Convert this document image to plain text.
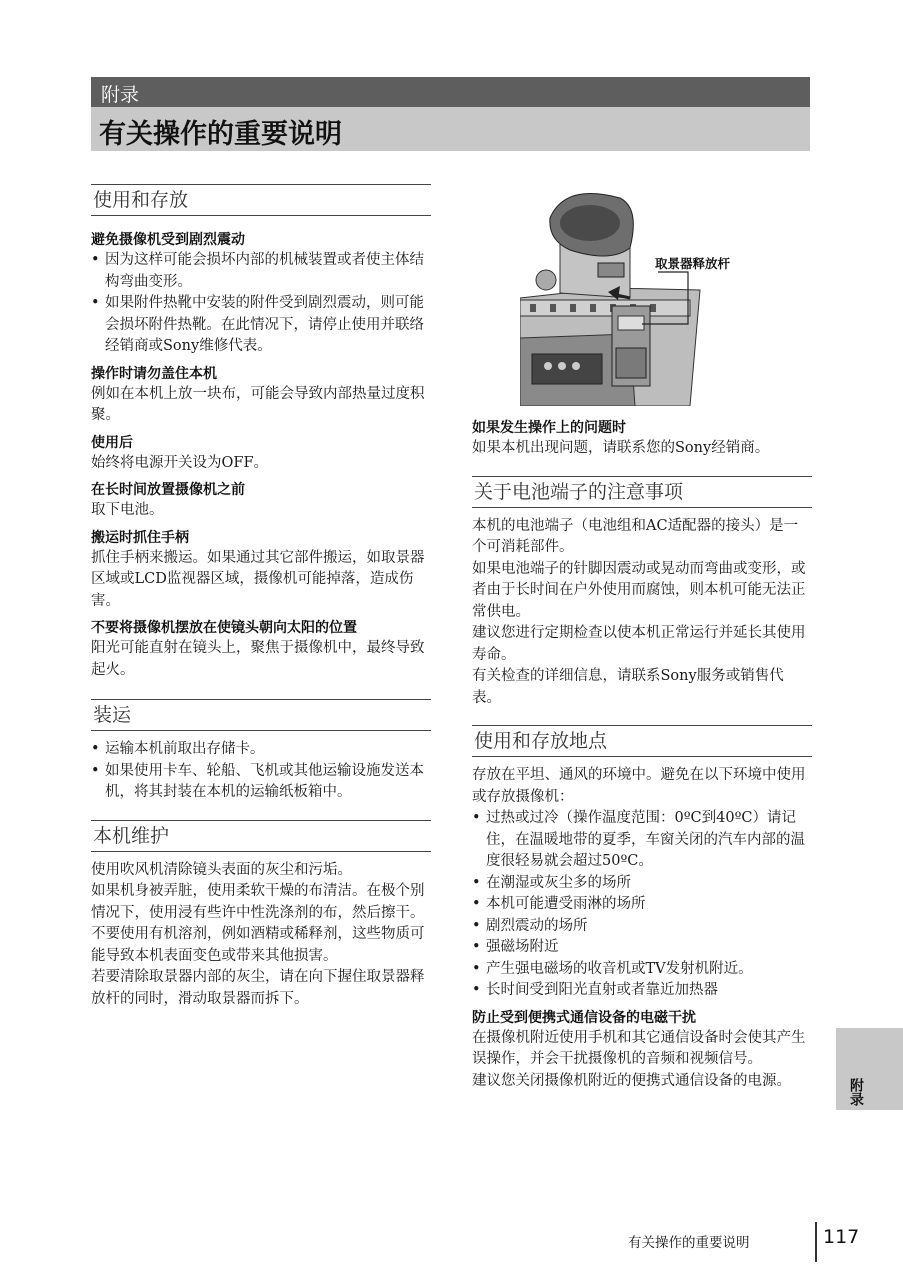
附录
有关操作的重要说明
使用和存放
避免摄像机受到剧烈震动
• 因为这样可能会损坏内部的机械装置或者使主体结构弯曲变形。
• 如果附件热靴中安装的附件受到剧烈震动，则可能会损坏附件热靴。在此情况下，请停止使用并联络经销商或Sony维修代表。
操作时请勿盖住本机
例如在本机上放一块布，可能会导致内部热量过度积聚。
使用后
始终将电源开关设为OFF。
在长时间放置摄像机之前
取下电池。
搬运时抓住手柄
抓住手柄来搬运。如果通过其它部件搬运，如取景器区域或LCD监视器区域，摄像机可能掉落，造成伤害。
不要将摄像机摆放在使镜头朝向太阳的位置
阳光可能直射在镜头上，聚焦于摄像机中，最终导致起火。
装运
• 运输本机前取出存储卡。
• 如果使用卡车、轮船、飞机或其他运输设施发送本机，将其封装在本机的运输纸板箱中。
本机维护
使用吹风机清除镜头表面的灰尘和污垢。
如果机身被弄脏，使用柔软干燥的布清洁。在极个别情况下，使用浸有些许中性洗涤剂的布，然后擦干。不要使用有机溶剂，例如酒精或稀释剂，这些物质可能导致本机表面变色或带来其他损害。
若要清除取景器内部的灰尘，请在向下握住取景器释放杆的同时，滑动取景器而拆下。
取景器释放杆
如果发生操作上的问题时
如果本机出现问题，请联系您的Sony经销商。
关于电池端子的注意事项
本机的电池端子（电池组和AC适配器的接头）是一个可消耗部件。
如果电池端子的针脚因震动或晃动而弯曲或变形，或者由于长时间在户外使用而腐蚀，则本机可能无法正常供电。
建议您进行定期检查以使本机正常运行并延长其使用寿命。
有关检查的详细信息，请联系Sony服务或销售代表。
使用和存放地点
存放在平坦、通风的环境中。避免在以下环境中使用或存放摄像机：
• 过热或过冷（操作温度范围：0ºC到40ºC）请记住，在温暖地带的夏季，车窗关闭的汽车内部的温度很轻易就会超过50ºC。
• 在潮湿或灰尘多的场所
• 本机可能遭受雨淋的场所
• 剧烈震动的场所
• 强磁场附近
• 产生强电磁场的收音机或TV发射机附近。
• 长时间受到阳光直射或者靠近加热器
防止受到便携式通信设备的电磁干扰
在摄像机附近使用手机和其它通信设备时会使其产生误操作，并会干扰摄像机的音频和视频信号。
建议您关闭摄像机附近的便携式通信设备的电源。	附录
有关操作的重要说明	117
